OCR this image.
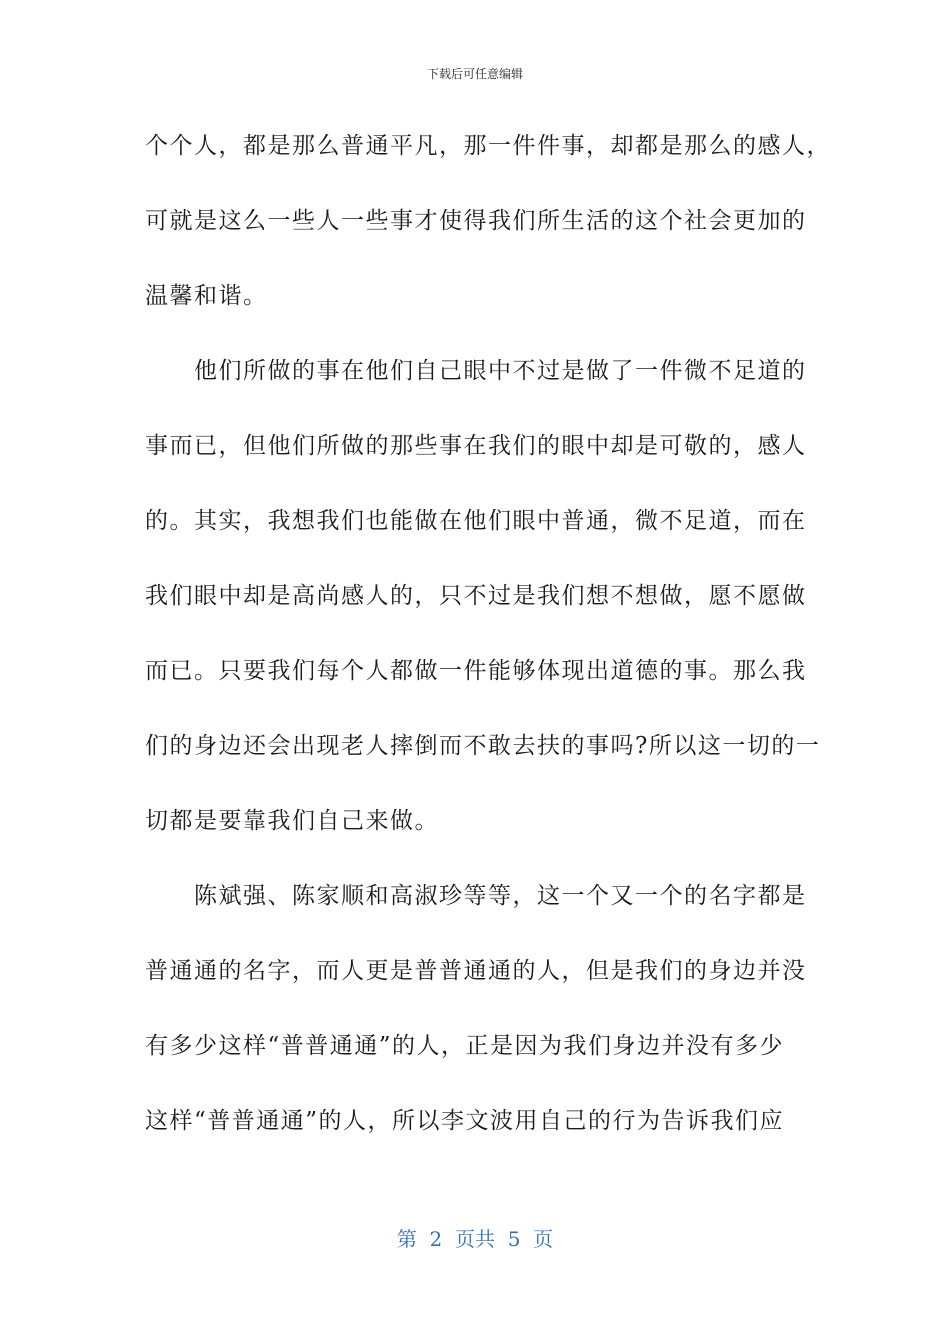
下载后可任意编辑
个个人，都是那么普通平凡，那一件件事，却都是那么的感人，
可就是这么一些人一些事才使得我们所生活的这个社会更加的
温馨和谐。
　　他们所做的事在他们自己眼中不过是做了一件微不足道的
事而已，但他们所做的那些事在我们的眼中却是可敬的，感人
的。其实，我想我们也能做在他们眼中普通，微不足道，而在
我们眼中却是高尚感人的，只不过是我们想不想做，愿不愿做
而已。只要我们每个人都做一件能够体现出道德的事。那么我
们的身边还会出现老人摔倒而不敢去扶的事吗?所以这一切的一
切都是要靠我们自己来做。
　　陈斌强、陈家顺和高淑珍等等，这一个又一个的名字都是
普通通的名字，而人更是普普通通的人，但是我们的身边并没
有多少这样“普普通通”的人，正是因为我们身边并没有多少
这样“普普通通”的人，所以李文波用自己的行为告诉我们应
第  2  页共  5  页
